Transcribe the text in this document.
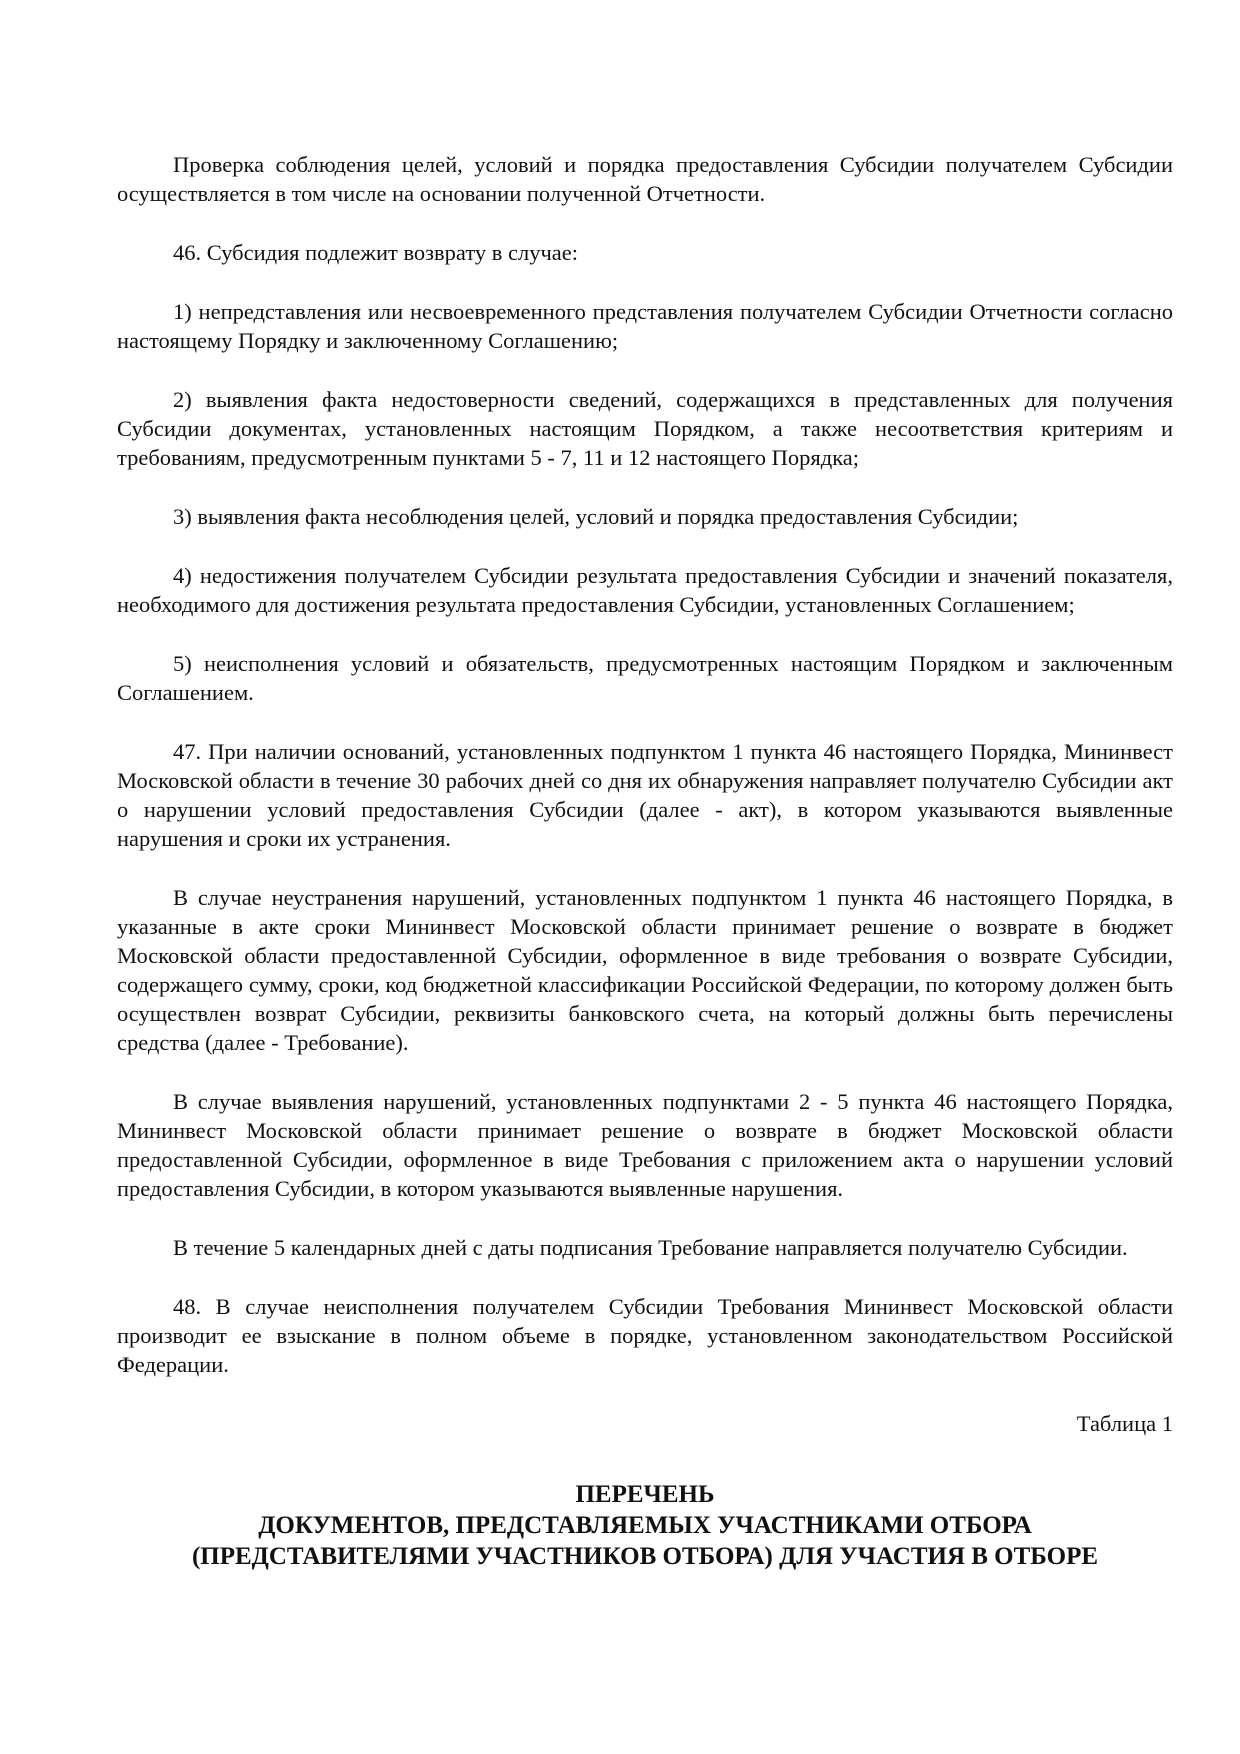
Проверка соблюдения целей, условий и порядка предоставления Субсидии получателем Субсидии осуществляется в том числе на основании полученной Отчетности.

46. Субсидия подлежит возврату в случае:

1) непредставления или несвоевременного представления получателем Субсидии Отчетности согласно настоящему Порядку и заключенному Соглашению;

2) выявления факта недостоверности сведений, содержащихся в представленных для получения Субсидии документах, установленных настоящим Порядком, а также несоответствия критериям и требованиям, предусмотренным пунктами 5 - 7, 11 и 12 настоящего Порядка;

3) выявления факта несоблюдения целей, условий и порядка предоставления Субсидии;

4) недостижения получателем Субсидии результата предоставления Субсидии и значений показателя, необходимого для достижения результата предоставления Субсидии, установленных Соглашением;

5) неисполнения условий и обязательств, предусмотренных настоящим Порядком и заключенным Соглашением.

47. При наличии оснований, установленных подпунктом 1 пункта 46 настоящего Порядка, Мининвест Московской области в течение 30 рабочих дней со дня их обнаружения направляет получателю Субсидии акт о нарушении условий предоставления Субсидии (далее - акт), в котором указываются выявленные нарушения и сроки их устранения.

В случае неустранения нарушений, установленных подпунктом 1 пункта 46 настоящего Порядка, в указанные в акте сроки Мининвест Московской области принимает решение о возврате в бюджет Московской области предоставленной Субсидии, оформленное в виде требования о возврате Субсидии, содержащего сумму, сроки, код бюджетной классификации Российской Федерации, по которому должен быть осуществлен возврат Субсидии, реквизиты банковского счета, на который должны быть перечислены средства (далее - Требование).

В случае выявления нарушений, установленных подпунктами 2 - 5 пункта 46 настоящего Порядка, Мининвест Московской области принимает решение о возврате в бюджет Московской области предоставленной Субсидии, оформленное в виде Требования с приложением акта о нарушении условий предоставления Субсидии, в котором указываются выявленные нарушения.

В течение 5 календарных дней с даты подписания Требование направляется получателю Субсидии.

48. В случае неисполнения получателем Субсидии Требования Мининвест Московской области производит ее взыскание в полном объеме в порядке, установленном законодательством Российской Федерации.

Таблица 1

ПЕРЕЧЕНЬ
ДОКУМЕНТОВ, ПРЕДСТАВЛЯЕМЫХ УЧАСТНИКАМИ ОТБОРА (ПРЕДСТАВИТЕЛЯМИ УЧАСТНИКОВ ОТБОРА) ДЛЯ УЧАСТИЯ В ОТБОРЕ
